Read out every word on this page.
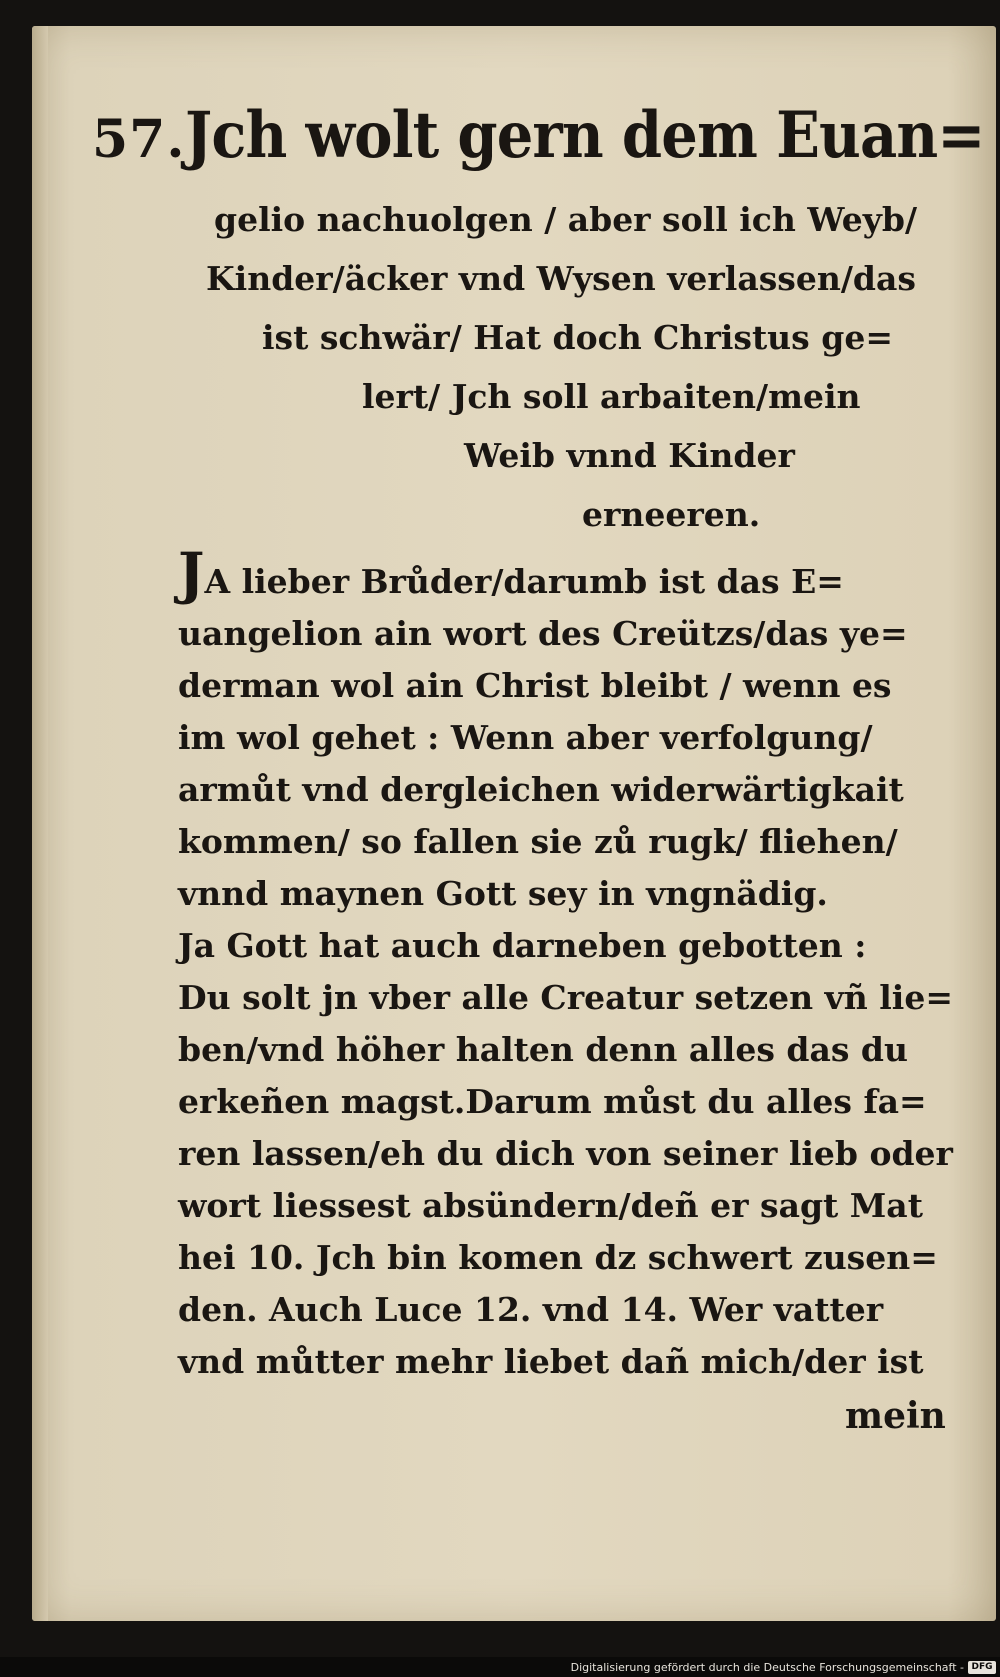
57. Jch wolt gern dem Euan=
gelio nachuolgen / aber soll ich Weyb/
Kinder/äcker vnd Wysen verlassen/das
ist schwär/ Hat doch Christus ge=
lert/ Jch soll arbaiten/mein
Weib vnnd Kinder
erneeren.
JA lieber Brůder/darumb ist das E=
uangelion ain wort des Creützs/das ye=
derman wol ain Christ bleibt / wenn es
im wol gehet : Wenn aber verfolgung/
armůt vnd dergleichen widerwärtigkait
kommen/ so fallen sie zů rugk/ fliehen/
vnnd maynen Gott sey in vngnädig.
Ja Gott hat auch darneben gebotten :
Du solt jn vber alle Creatur setzen vñ lie=
ben/vnd höher halten denn alles das du
erkeñen magst.Darum můst du alles fa=
ren lassen/eh du dich von seiner lieb oder
wort liessest absündern/deñ er sagt Mat
hei 10. Jch bin komen dz schwert zusen=
den. Auch Luce 12. vnd 14. Wer vatter
vnd můtter mehr liebet dañ mich/der ist
mein
Digitalisierung gefördert durch die Deutsche Forschungsgemeinschaft - DFG
